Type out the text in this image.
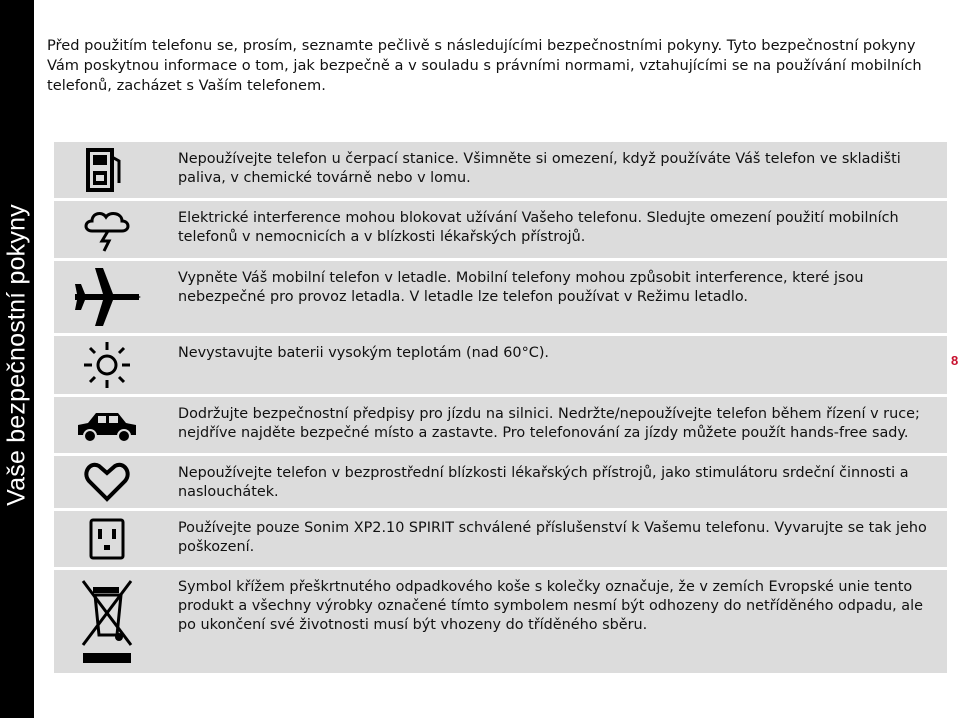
Vaše bezpečnostní pokyny

Před použitím telefonu se, prosím, seznamte pečlivě s následujícími bezpečnostními pokyny. Tyto bezpečnostní pokyny Vám poskytnou informace o tom, jak bezpečně a v souladu s právními normami, vztahujícími se na používání mobilních telefonů, zacházet s Vaším telefonem.

8
Nepoužívejte telefon u čerpací stanice. Všimněte si omezení, když používáte Váš telefon ve skladišti paliva, v chemické továrně nebo v lomu.
Elektrické interference mohou blokovat užívání Vašeho telefonu. Sledujte omezení použití mobilních telefonů v nemocnicích a v blízkosti lékařských přístrojů.
Vypněte Váš mobilní telefon v letadle. Mobilní telefony mohou způsobit interference, které jsou nebezpečné pro provoz letadla. V letadle lze telefon používat v Režimu letadlo.
Nevystavujte baterii vysokým teplotám (nad 60°C).
Dodržujte bezpečnostní předpisy pro jízdu na silnici. Nedržte/nepoužívejte telefon během řízení v ruce; nejdříve najděte bezpečné místo a zastavte. Pro telefonování za jízdy můžete použít hands-free sady.
Nepoužívejte telefon v bezprostřední blízkosti lékařských přístrojů, jako stimulátoru srdeční činnosti a naslouchátek.
Používejte pouze Sonim XP2.10 SPIRIT schválené příslušenství k Vašemu telefonu. Vyvarujte se tak jeho poškození.
Symbol křížem přeškrtnutého odpadkového koše s kolečky označuje, že v zemích Evropské unie tento produkt a všechny výrobky označené tímto symbolem nesmí být odhozeny do netříděného odpadu, ale po ukončení své životnosti musí být vhozeny do tříděného sběru.
